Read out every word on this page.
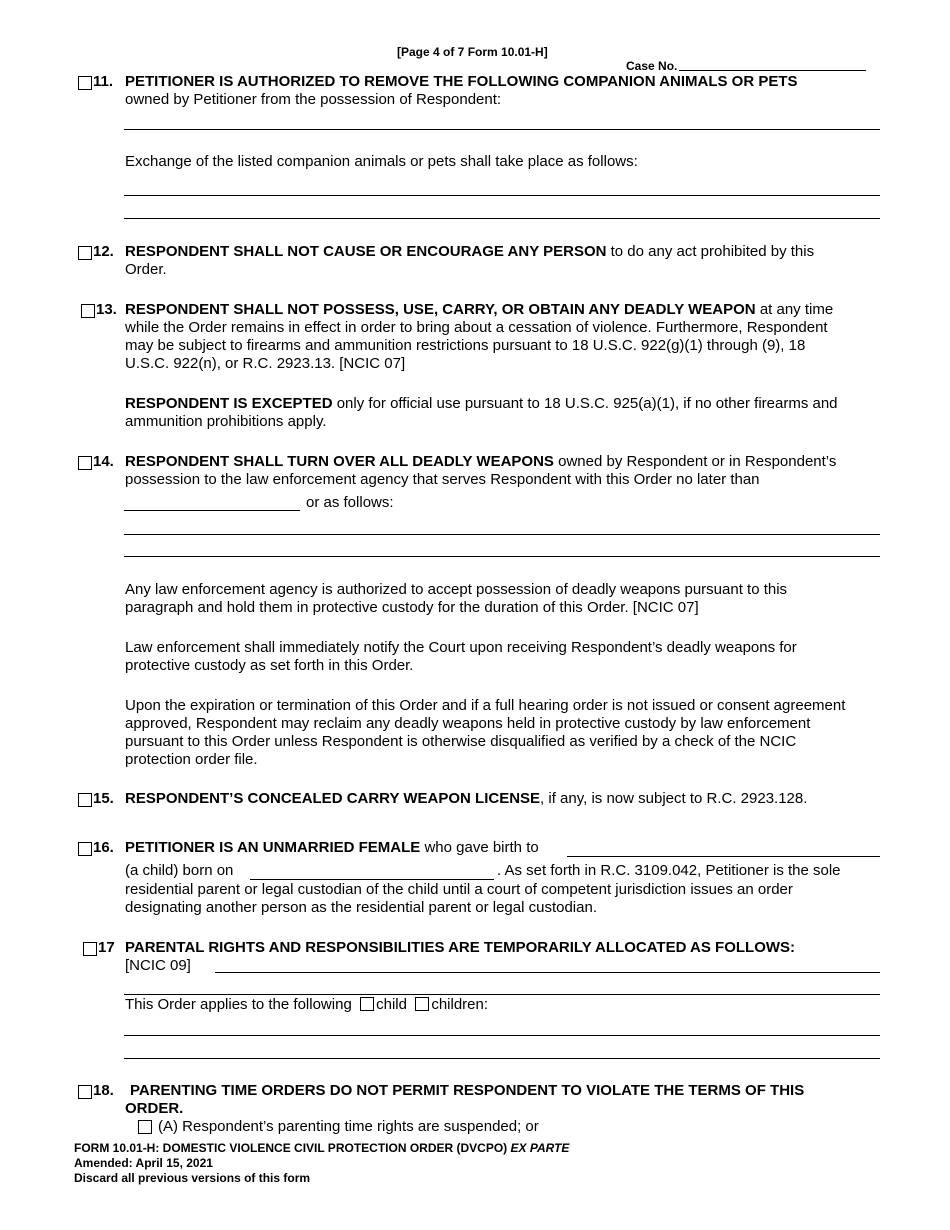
[Page 4 of 7 Form 10.01-H]
Case No.
11. PETITIONER IS AUTHORIZED TO REMOVE THE FOLLOWING COMPANION ANIMALS OR PETS
owned by Petitioner from the possession of Respondent:
Exchange of the listed companion animals or pets shall take place as follows:
12. RESPONDENT SHALL NOT CAUSE OR ENCOURAGE ANY PERSON to do any act prohibited by this
Order.
13. RESPONDENT SHALL NOT POSSESS, USE, CARRY, OR OBTAIN ANY DEADLY WEAPON at any time
while the Order remains in effect in order to bring about a cessation of violence. Furthermore, Respondent
may be subject to firearms and ammunition restrictions pursuant to 18 U.S.C. 922(g)(1) through (9), 18
U.S.C. 922(n), or R.C. 2923.13. [NCIC 07]
RESPONDENT IS EXCEPTED only for official use pursuant to 18 U.S.C. 925(a)(1), if no other firearms and
ammunition prohibitions apply.
14. RESPONDENT SHALL TURN OVER ALL DEADLY WEAPONS owned by Respondent or in Respondent’s
possession to the law enforcement agency that serves Respondent with this Order no later than
or as follows:
Any law enforcement agency is authorized to accept possession of deadly weapons pursuant to this
paragraph and hold them in protective custody for the duration of this Order. [NCIC 07]
Law enforcement shall immediately notify the Court upon receiving Respondent’s deadly weapons for
protective custody as set forth in this Order.
Upon the expiration or termination of this Order and if a full hearing order is not issued or consent agreement
approved, Respondent may reclaim any deadly weapons held in protective custody by law enforcement
pursuant to this Order unless Respondent is otherwise disqualified as verified by a check of the NCIC
protection order file.
15. RESPONDENT’S CONCEALED CARRY WEAPON LICENSE, if any, is now subject to R.C. 2923.128.
16. PETITIONER IS AN UNMARRIED FEMALE who gave birth to
(a child) born on	. As set forth in R.C. 3109.042, Petitioner is the sole
residential parent or legal custodian of the child until a court of competent jurisdiction issues an order
designating another person as the residential parent or legal custodian.
17 PARENTAL RIGHTS AND RESPONSIBILITIES ARE TEMPORARILY ALLOCATED AS FOLLOWS:
[NCIC 09]
This Order applies to the following child children:
18. PARENTING TIME ORDERS DO NOT PERMIT RESPONDENT TO VIOLATE THE TERMS OF THIS
ORDER.
(A) Respondent’s parenting time rights are suspended; or
FORM 10.01-H: DOMESTIC VIOLENCE CIVIL PROTECTION ORDER (DVCPO) EX PARTE
Amended: April 15, 2021
Discard all previous versions of this form
